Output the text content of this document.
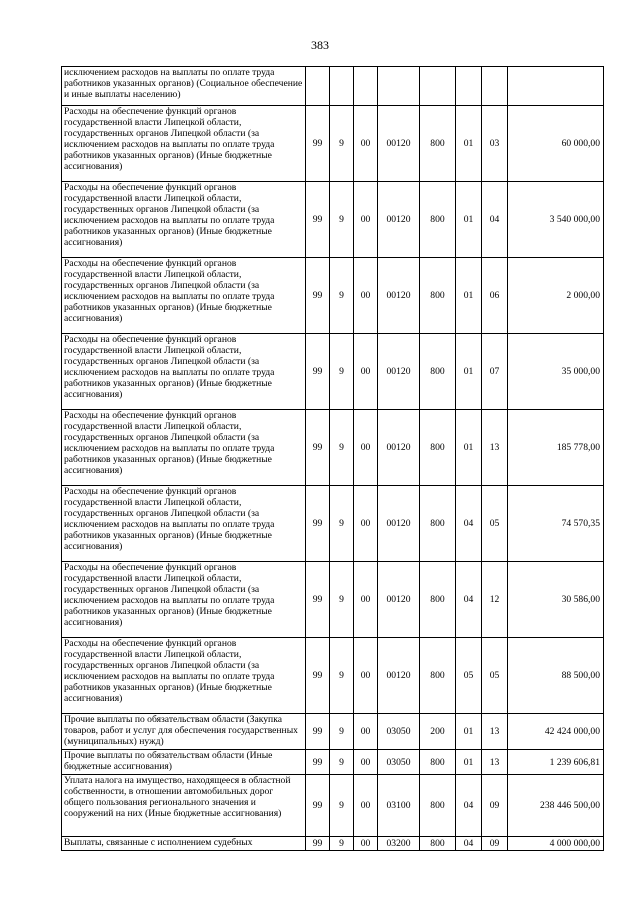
383
исключением расходов на выплаты по оплате труда работников указанных органов) (Социальное обеспечение и иные выплаты населению)								
Расходы на обеспечение функций органов государственной власти Липецкой области, государственных органов Липецкой области (за исключением расходов на выплаты по оплате труда работников указанных органов) (Иные бюджетные ассигнования)	99	9	00	00120	800	01	03	60 000,00
Расходы на обеспечение функций органов государственной власти Липецкой области, государственных органов Липецкой области (за исключением расходов на выплаты по оплате труда работников указанных органов) (Иные бюджетные ассигнования)	99	9	00	00120	800	01	04	3 540 000,00
Расходы на обеспечение функций органов государственной власти Липецкой области, государственных органов Липецкой области (за исключением расходов на выплаты по оплате труда работников указанных органов) (Иные бюджетные ассигнования)	99	9	00	00120	800	01	06	2 000,00
Расходы на обеспечение функций органов государственной власти Липецкой области, государственных органов Липецкой области (за исключением расходов на выплаты по оплате труда работников указанных органов) (Иные бюджетные ассигнования)	99	9	00	00120	800	01	07	35 000,00
Расходы на обеспечение функций органов государственной власти Липецкой области, государственных органов Липецкой области (за исключением расходов на выплаты по оплате труда работников указанных органов) (Иные бюджетные ассигнования)	99	9	00	00120	800	01	13	185 778,00
Расходы на обеспечение функций органов государственной власти Липецкой области, государственных органов Липецкой области (за исключением расходов на выплаты по оплате труда работников указанных органов) (Иные бюджетные ассигнования)	99	9	00	00120	800	04	05	74 570,35
Расходы на обеспечение функций органов государственной власти Липецкой области, государственных органов Липецкой области (за исключением расходов на выплаты по оплате труда работников указанных органов) (Иные бюджетные ассигнования)	99	9	00	00120	800	04	12	30 586,00
Расходы на обеспечение функций органов государственной власти Липецкой области, государственных органов Липецкой области (за исключением расходов на выплаты по оплате труда работников указанных органов) (Иные бюджетные ассигнования)	99	9	00	00120	800	05	05	88 500,00
Прочие выплаты по обязательствам области (Закупка товаров, работ и услуг для обеспечения государственных (муниципальных) нужд)	99	9	00	03050	200	01	13	42 424 000,00
Прочие выплаты по обязательствам области (Иные бюджетные ассигнования)	99	9	00	03050	800	01	13	1 239 606,81
Уплата налога на имущество, находящееся в областной собственности, в отношении автомобильных дорог общего пользования регионального значения и сооружений на них (Иные бюджетные ассигнования)	99	9	00	03100	800	04	09	238 446 500,00
Выплаты, связанные с исполнением судебных	99	9	00	03200	800	04	09	4 000 000,00
